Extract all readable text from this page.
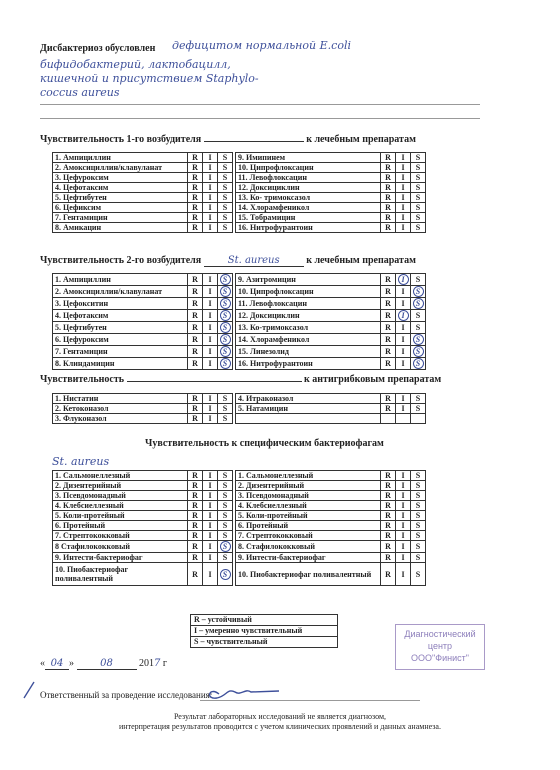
Дисбактериоз обусловлен дефицитом нормальной E.coli
бифидобактерий, лактобацилл,
кишечной и присутствием Staphylo-
coccus aureus
Чувствительность 1-го возбудителя	к лечебным препаратам
1. Ампициллин	R	I	S		9. Имипинем	R	I	S
2. Амоксициллин/клавуланат	R	I	S		10. Ципрофлоксацин	R	I	S
3. Цефуроксим	R	I	S		11. Левофлоксацин	R	I	S
4. Цефотаксим	R	I	S		12. Доксициклин	R	I	S
5. Цефтибутен	R	I	S		13. Ко- тримоксазол	R	I	S
6. Цефиксим	R	I	S		14. Хлорамфеникол	R	I	S
7. Гентамицин	R	I	S		15. Тобрамицин	R	I	S
8. Амикацин	R	I	S		16. Нитрофурантоин	R	I	S
Чувствительность 2-го возбудителя	St. aureus	к лечебным препаратам
1. Ампициллин	R	I	S		9. Азитромицин	R	I	S
2. Амоксициллин/клавуланат	R	I	S		10. Ципрофлоксацин	R	I	S
3. Цефокситин	R	I	S		11. Левофлоксацин	R	I	S
4. Цефотаксим	R	I	S		12. Доксициклин	R	I	S
5. Цефтибутен	R	I	S		13. Ко-тримоксазол	R	I	S
6. Цефуроксим	R	I	S		14. Хлорамфеникол	R	I	S
7. Гентамицин	R	I	S		15. Линезолид	R	I	S
8. Клиндамицин	R	I	S		16. Нитрофурантоин	R	I	S
Чувствительность	к антигрибковым препаратам
1. Нистатин	R	I	S		4. Итраконазол	R	I	S
2. Кетоконазол	R	I	S		5. Натамицин	R	I	S
3. Флуконазол	R	I	S					
Чувствительность к специфическим бактериофагам
St. aureus
1. Сальмонеллезный	R	I	S		1. Сальмонеллезный	R	I	S
2. Дизентерийный	R	I	S		2. Дизентерийный	R	I	S
3. Псевдомонадный	R	I	S		3. Псевдомонадный	R	I	S
4. Клебсиеллезный	R	I	S		4. Клебсиеллезный	R	I	S
5. Коли-протейный	R	I	S		5. Коли-протейный	R	I	S
6. Протейный	R	I	S		6. Протейный	R	I	S
7. Стрептококковый	R	I	S		7. Стрептококковый	R	I	S
8 Стафилококковый	R	I	S		8. Стафилококковый	R	I	S
9. Интести-бактериофаг	R	I	S		9. Интести-бактериофаг	R	I	S
10. Пиобактериофаг поливалентный	R	I	S		10. Пиобактериофаг поливалентный	R	I	S
R – устойчивый
I – умеренно чувствительный
S – чувствительный
Диагностический
центр
ООО"Финист"
« 04 » 08	2017 г
Ответственный за проведение исследования:
Результат лабораторных исследований не является диагнозом,
интерпретация результатов проводится с учетом клинических проявлений и данных анамнеза.
